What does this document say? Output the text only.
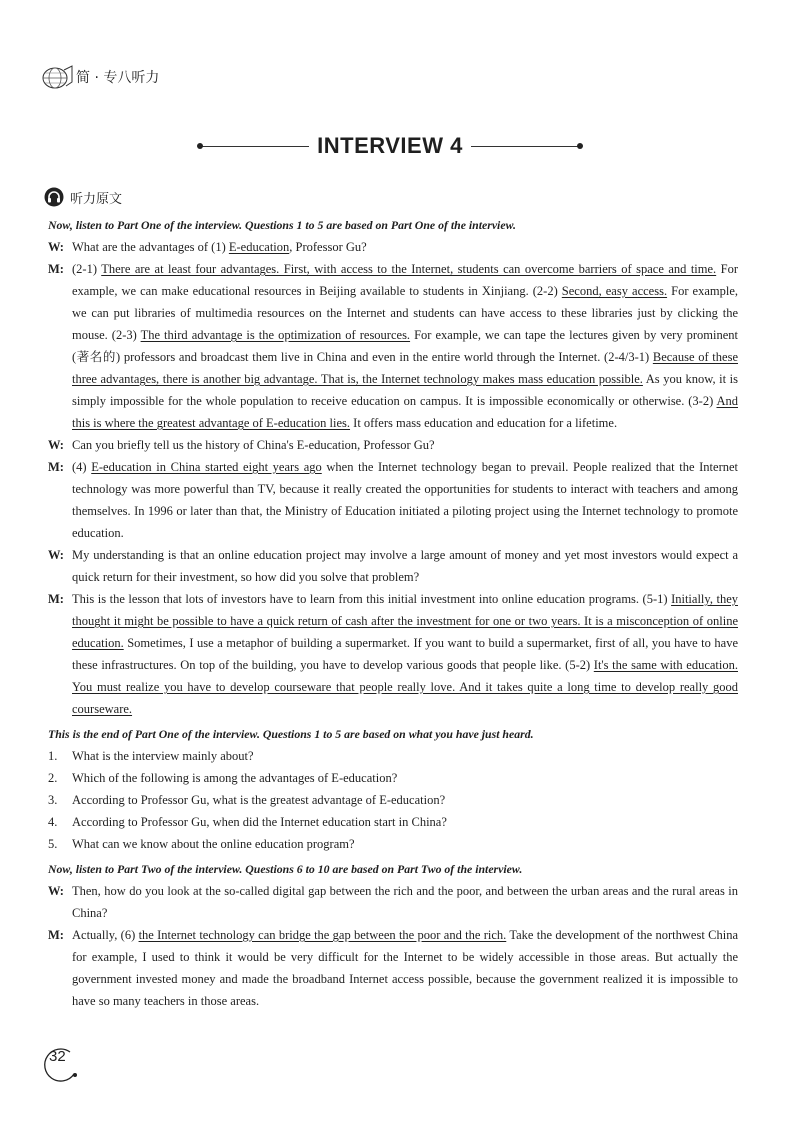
简 · 专八听力
INTERVIEW 4
听力原文
Now, listen to Part One of the interview. Questions 1 to 5 are based on Part One of the interview.
W: What are the advantages of (1) E-education, Professor Gu?
M: (2-1) There are at least four advantages. First, with access to the Internet, students can overcome barriers of space and time. For example, we can make educational resources in Beijing available to students in Xinjiang. (2-2) Second, easy access. For example, we can put libraries of multimedia resources on the Internet and students can have access to these libraries just by clicking the mouse. (2-3) The third advantage is the optimization of resources. For example, we can tape the lectures given by very prominent (著名的) professors and broadcast them live in China and even in the entire world through the Internet. (2-4/3-1) Because of these three advantages, there is another big advantage. That is, the Internet technology makes mass education possible. As you know, it is simply impossible for the whole population to receive education on campus. It is impossible economically or otherwise. (3-2) And this is where the greatest advantage of E-education lies. It offers mass education and education for a lifetime.
W: Can you briefly tell us the history of China's E-education, Professor Gu?
M: (4) E-education in China started eight years ago when the Internet technology began to prevail. People realized that the Internet technology was more powerful than TV, because it really created the opportunities for students to interact with teachers and among themselves. In 1996 or later than that, the Ministry of Education initiated a piloting project using the Internet technology to promote education.
W: My understanding is that an online education project may involve a large amount of money and yet most investors would expect a quick return for their investment, so how did you solve that problem?
M: This is the lesson that lots of investors have to learn from this initial investment into online education programs. (5-1) Initially, they thought it might be possible to have a quick return of cash after the investment for one or two years. It is a misconception of online education. Sometimes, I use a metaphor of building a supermarket. If you want to build a supermarket, first of all, you have to have these infrastructures. On top of the building, you have to develop various goods that people like. (5-2) It's the same with education. You must realize you have to develop courseware that people really love. And it takes quite a long time to develop really good courseware.
This is the end of Part One of the interview. Questions 1 to 5 are based on what you have just heard.
1.	What is the interview mainly about?
2.	Which of the following is among the advantages of E-education?
3.	According to Professor Gu, what is the greatest advantage of E-education?
4.	According to Professor Gu, when did the Internet education start in China?
5.	What can we know about the online education program?
Now, listen to Part Two of the interview. Questions 6 to 10 are based on Part Two of the interview.
W: Then, how do you look at the so-called digital gap between the rich and the poor, and between the urban areas and the rural areas in China?
M: Actually, (6) the Internet technology can bridge the gap between the poor and the rich. Take the development of the northwest China for example, I used to think it would be very difficult for the Internet to be widely accessible in those areas. But actually the government invested money and made the broadband Internet access possible, because the government realized it is impossible to have so many teachers in those areas.
32
